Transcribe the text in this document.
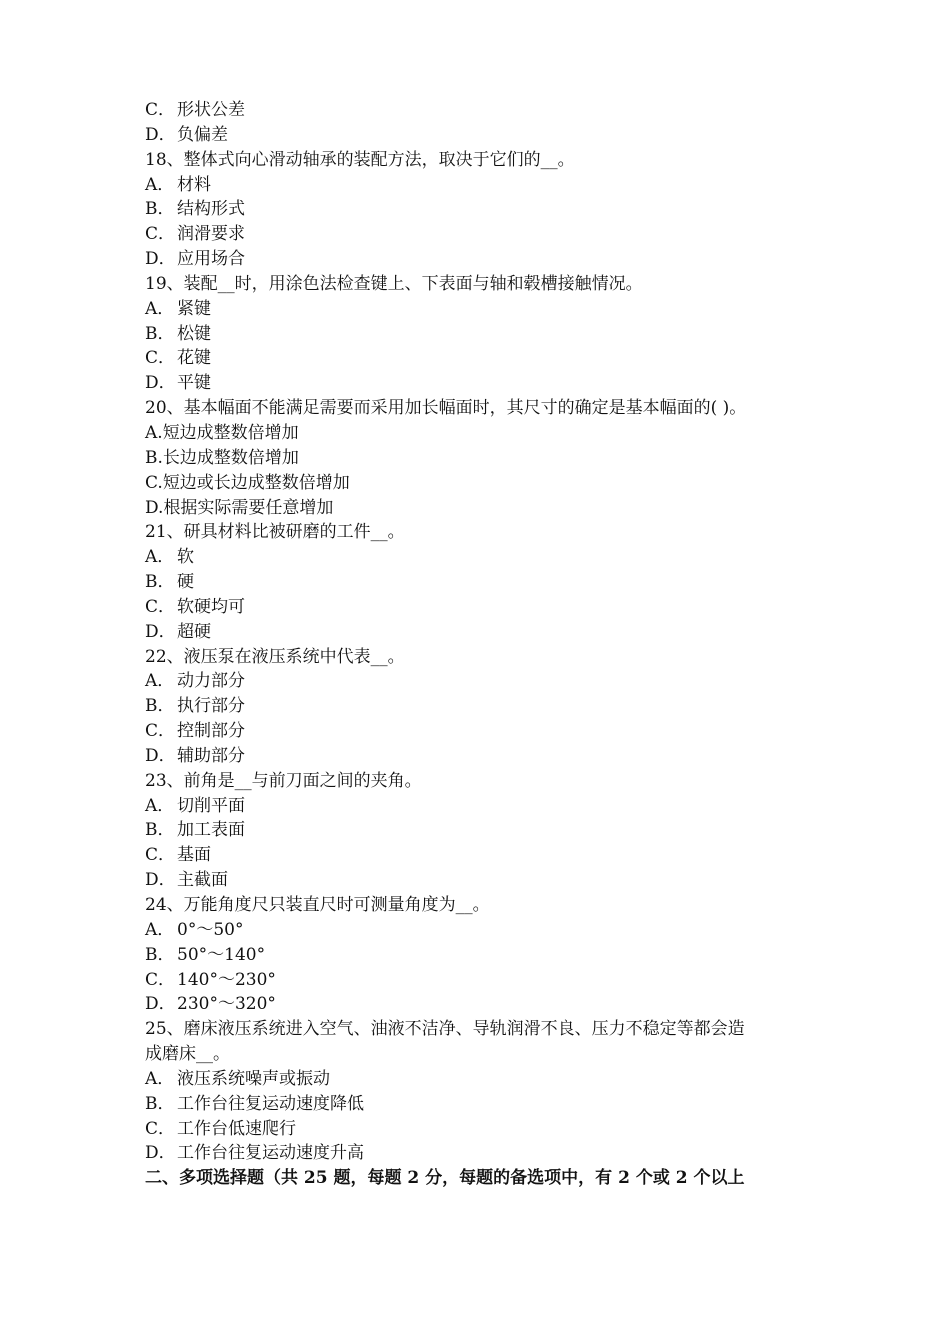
C． 形状公差
D．负偏差
18、整体式向心滑动轴承的装配方法，取决于它们的__。
A． 材料
B． 结构形式
C． 润滑要求
D．应用场合
19、装配__时，用涂色法检查键上、下表面与轴和毂槽接触情况。
A． 紧键
B． 松键
C． 花键
D．平键
20、基本幅面不能满足需要而采用加长幅面时，其尺寸的确定是基本幅面的( )。
A.短边成整数倍增加
B.长边成整数倍增加
C.短边或长边成整数倍增加
D.根据实际需要任意增加
21、研具材料比被研磨的工件__。
A． 软
B． 硬
C． 软硬均可
D．超硬
22、液压泵在液压系统中代表__。
A． 动力部分
B． 执行部分
C． 控制部分
D．辅助部分
23、前角是__与前刀面之间的夹角。
A． 切削平面
B． 加工表面
C． 基面
D．主截面
24、万能角度尺只装直尺时可测量角度为__。
A． 0°～50°
B． 50°～140°
C． 140°～230°
D．230°～320°
25、磨床液压系统进入空气、油液不洁净、导轨润滑不良、压力不稳定等都会造
成磨床__。
A． 液压系统噪声或振动
B． 工作台往复运动速度降低
C． 工作台低速爬行
D．工作台往复运动速度升高
二、多项选择题（共 25 题，每题 2 分，每题的备选项中，有 2 个或 2 个以上
